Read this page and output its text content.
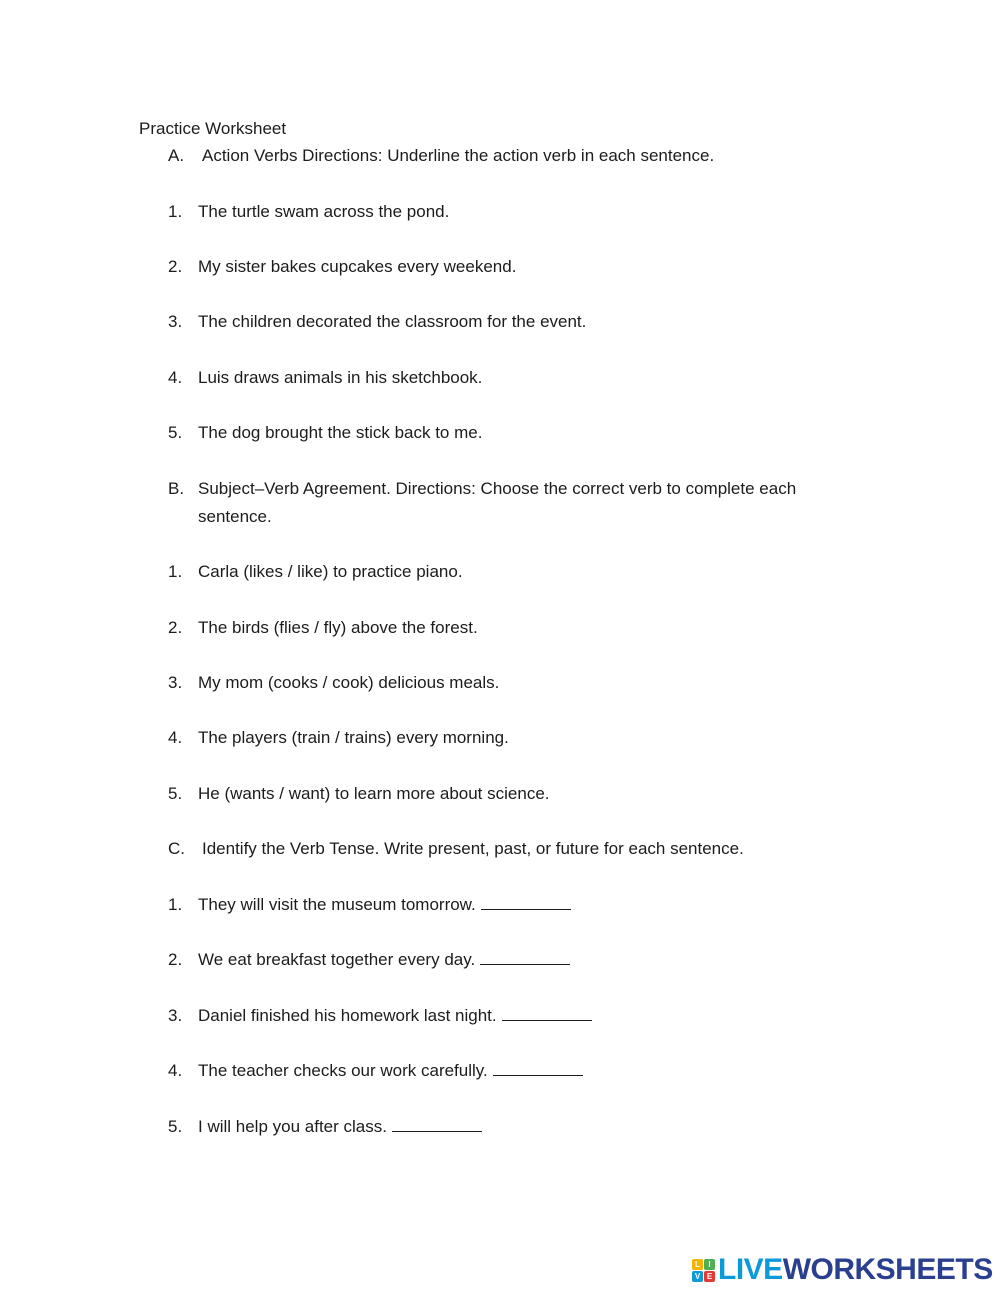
Practice Worksheet
A. Action Verbs Directions: Underline the action verb in each sentence.
1. The turtle swam across the pond.
2. My sister bakes cupcakes every weekend.
3. The children decorated the classroom for the event.
4. Luis draws animals in his sketchbook.
5. The dog brought the stick back to me.
B. Subject–Verb Agreement. Directions: Choose the correct verb to complete each sentence.
1. Carla (likes / like) to practice piano.
2. The birds (flies / fly) above the forest.
3. My mom (cooks / cook) delicious meals.
4. The players (train / trains) every morning.
5. He (wants / want) to learn more about science.
C. Identify the Verb Tense. Write present, past, or future for each sentence.
1. They will visit the museum tomorrow.
2. We eat breakfast together every day.
3. Daniel finished his homework last night.
4. The teacher checks our work carefully.
5. I will help you after class.
L	I
V E LIVE WORKSHEETS
